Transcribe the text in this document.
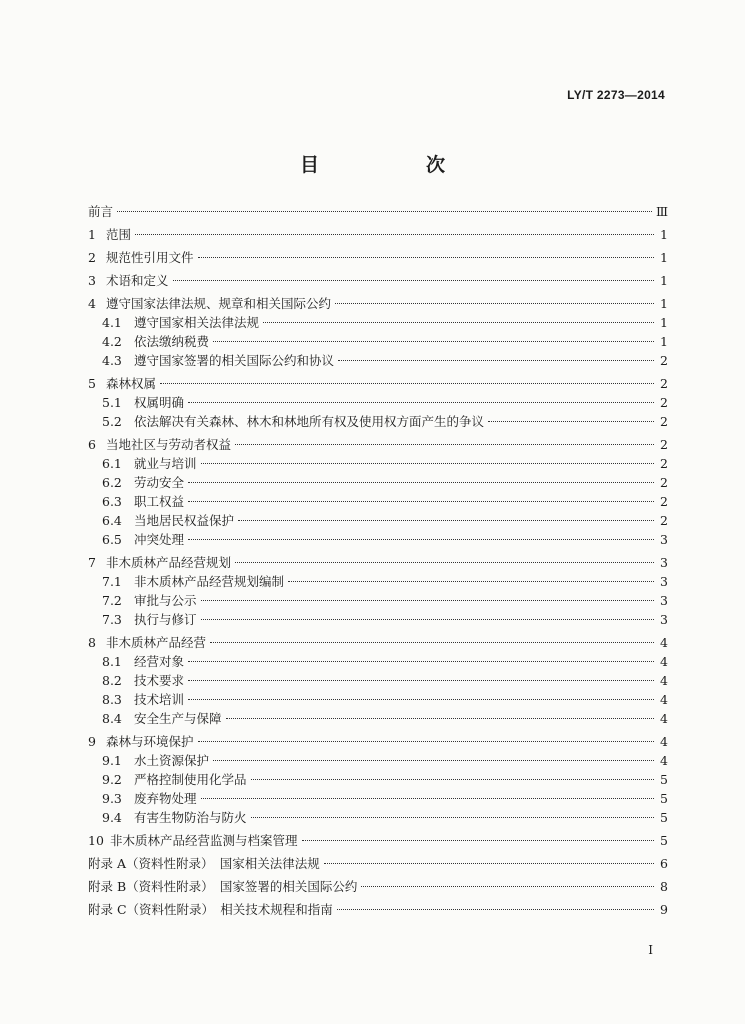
LY/T 2273—2014
目　次
前言	Ⅲ
1 范围	1
2 规范性引用文件	1
3 术语和定义	1
4 遵守国家法律法规、规章和相关国际公约	1
4.1 遵守国家相关法律法规	1
4.2 依法缴纳税费	1
4.3 遵守国家签署的相关国际公约和协议	2
5 森林权属	2
5.1 权属明确	2
5.2 依法解决有关森林、林木和林地所有权及使用权方面产生的争议	2
6 当地社区与劳动者权益	2
6.1 就业与培训	2
6.2 劳动安全	2
6.3 职工权益	2
6.4 当地居民权益保护	2
6.5 冲突处理	3
7 非木质林产品经营规划	3
7.1 非木质林产品经营规划编制	3
7.2 审批与公示	3
7.3 执行与修订	3
8 非木质林产品经营	4
8.1 经营对象	4
8.2 技术要求	4
8.3 技术培训	4
8.4 安全生产与保障	4
9 森林与环境保护	4
9.1 水土资源保护	4
9.2 严格控制使用化学品	5
9.3 废弃物处理	5
9.4 有害生物防治与防火	5
10 非木质林产品经营监测与档案管理	5
附录 A（资料性附录）　国家相关法律法规	6
附录 B（资料性附录）　国家签署的相关国际公约	8
附录 C（资料性附录）　相关技术规程和指南	9
Ⅰ
